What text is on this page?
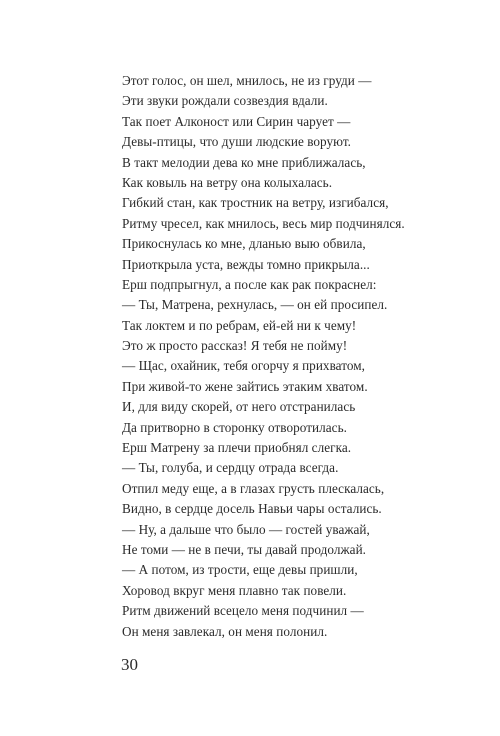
Этот голос, он шел, мнилось, не из груди —
Эти звуки рождали созвездия вдали.
Так поет Алконост или Сирин чарует —
Девы-птицы, что души людские воруют.
В такт мелодии дева ко мне приближалась,
Как ковыль на ветру она колыхалась.
Гибкий стан, как тростник на ветру, изгибался,
Ритму чресел, как мнилось, весь мир подчинялся.
Прикоснулась ко мне, дланью выю обвила,
Приоткрыла уста, вежды томно прикрыла...
Ерш подпрыгнул, а после как рак покраснел:
— Ты, Матрена, рехнулась, — он ей просипел.
Так локтем и по ребрам, ей-ей ни к чему!
Это ж просто рассказ! Я тебя не пойму!
— Щас, охайник, тебя огорчу я прихватом,
При живой-то жене зайтись этаким хватом.
И, для виду скорей, от него отстранилась
Да притворно в сторонку отворотилась.
Ерш Матрену за плечи приобнял слегка.
— Ты, голуба, и сердцу отрада всегда.
Отпил меду еще, а в глазах грусть плескалась,
Видно, в сердце досель Навьи чары остались.
— Ну, а дальше что было — гостей уважай,
Не томи — не в печи, ты давай продолжай.
— А потом, из трости, еще девы пришли,
Хоровод вкруг меня плавно так повели.
Ритм движений всецело меня подчинил —
Он меня завлекал, он меня полонил.
30
